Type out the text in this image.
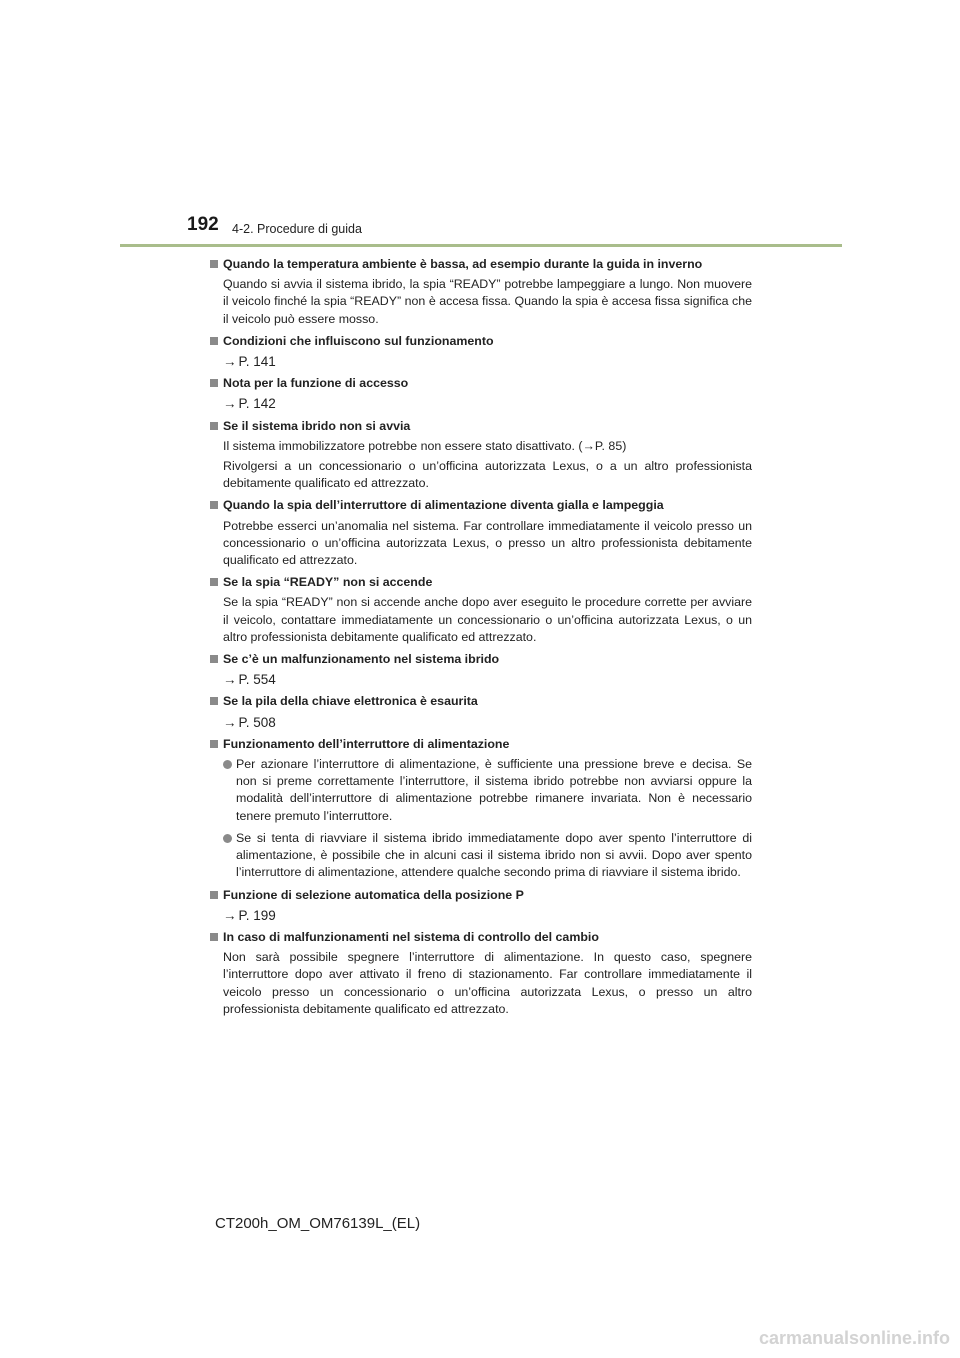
192 4-2. Procedure di guida
Quando la temperatura ambiente è bassa, ad esempio durante la guida in inverno
Quando si avvia il sistema ibrido, la spia “READY” potrebbe lampeggiare a lungo. Non muovere il veicolo finché la spia “READY” non è accesa fissa. Quando la spia è accesa fissa significa che il veicolo può essere mosso.
Condizioni che influiscono sul funzionamento
→ P. 141
Nota per la funzione di accesso
→ P. 142
Se il sistema ibrido non si avvia
Il sistema immobilizzatore potrebbe non essere stato disattivato. (→P. 85)
Rivolgersi a un concessionario o un’officina autorizzata Lexus, o a un altro professionista debitamente qualificato ed attrezzato.
Quando la spia dell’interruttore di alimentazione diventa gialla e lampeggia
Potrebbe esserci un’anomalia nel sistema. Far controllare immediatamente il veicolo presso un concessionario o un’officina autorizzata Lexus, o presso un altro professionista debitamente qualificato ed attrezzato.
Se la spia “READY” non si accende
Se la spia “READY” non si accende anche dopo aver eseguito le procedure corrette per avviare il veicolo, contattare immediatamente un concessionario o un’officina autorizzata Lexus, o un altro professionista debitamente qualificato ed attrezzato.
Se c’è un malfunzionamento nel sistema ibrido
→ P. 554
Se la pila della chiave elettronica è esaurita
→ P. 508
Funzionamento dell’interruttore di alimentazione
Per azionare l’interruttore di alimentazione, è sufficiente una pressione breve e decisa. Se non si preme correttamente l’interruttore, il sistema ibrido potrebbe non avviarsi oppure la modalità dell’interruttore di alimentazione potrebbe rimanere invariata. Non è necessario tenere premuto l’interruttore.
Se si tenta di riavviare il sistema ibrido immediatamente dopo aver spento l’interruttore di alimentazione, è possibile che in alcuni casi il sistema ibrido non si avvii. Dopo aver spento l’interruttore di alimentazione, attendere qualche secondo prima di riavviare il sistema ibrido.
Funzione di selezione automatica della posizione P
→ P. 199
In caso di malfunzionamenti nel sistema di controllo del cambio
Non sarà possibile spegnere l’interruttore di alimentazione. In questo caso, spegnere l’interruttore dopo aver attivato il freno di stazionamento. Far controllare immediatamente il veicolo presso un concessionario o un’officina autorizzata Lexus, o presso un altro professionista debitamente qualificato ed attrezzato.
CT200h_OM_OM76139L_(EL)
carmanualsonline.info
